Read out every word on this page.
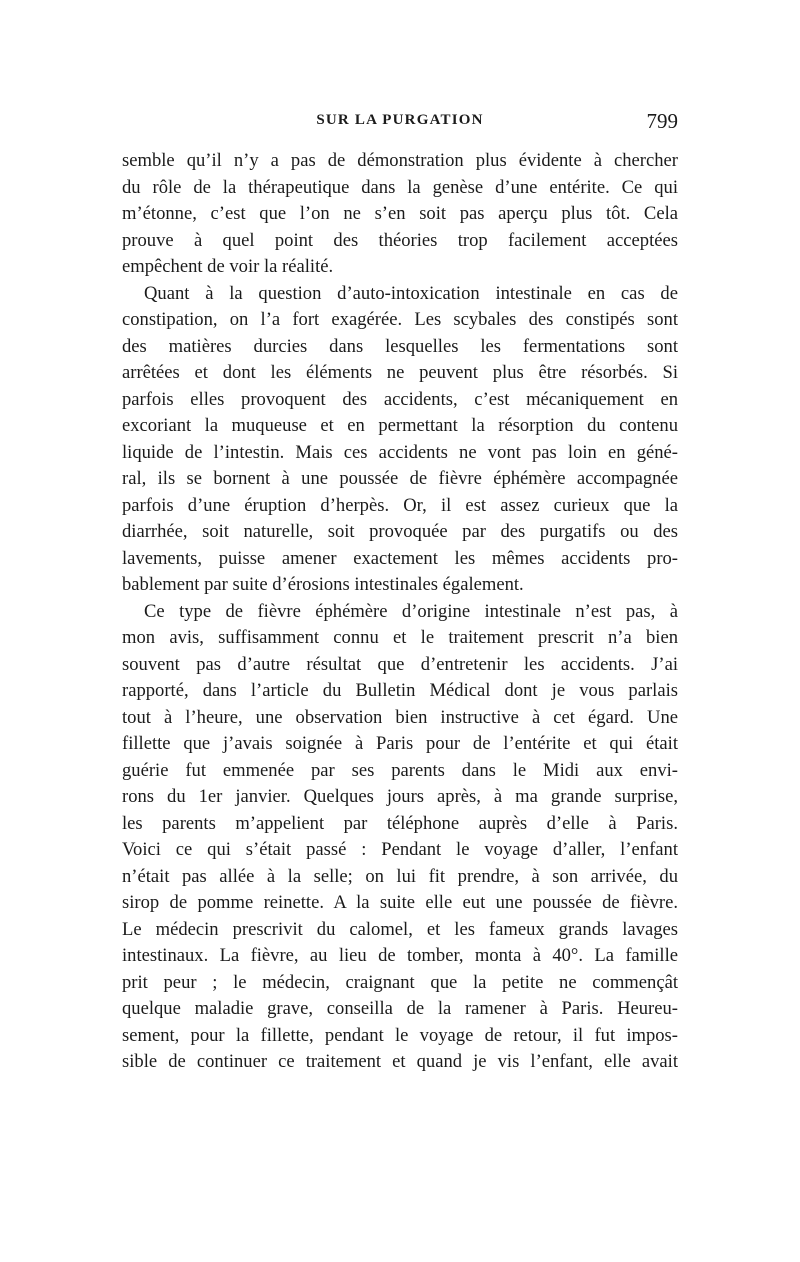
SUR LA PURGATION	799
semble qu’il n’y a pas de démonstration plus évidente à chercher
du rôle de la thérapeutique dans la genèse d’une entérite. Ce qui
m’étonne, c’est que l’on ne s’en soit pas aperçu plus tôt. Cela
prouve à quel point des théories trop facilement acceptées
empêchent de voir la réalité.
Quant à la question d’auto-intoxication intestinale en cas de
constipation, on l’a fort exagérée. Les scybales des constipés sont
des matières durcies dans lesquelles les fermentations sont
arrêtées et dont les éléments ne peuvent plus être résorbés. Si
parfois elles provoquent des accidents, c’est mécaniquement en
excoriant la muqueuse et en permettant la résorption du contenu
liquide de l’intestin. Mais ces accidents ne vont pas loin en géné-
ral, ils se bornent à une poussée de fièvre éphémère accompagnée
parfois d’une éruption d’herpès. Or, il est assez curieux que la
diarrhée, soit naturelle, soit provoquée par des purgatifs ou des
lavements, puisse amener exactement les mêmes accidents pro-
bablement par suite d’érosions intestinales également.
Ce type de fièvre éphémère d’origine intestinale n’est pas, à
mon avis, suffisamment connu et le traitement prescrit n’a bien
souvent pas d’autre résultat que d’entretenir les accidents. J’ai
rapporté, dans l’article du Bulletin Médical dont je vous parlais
tout à l’heure, une observation bien instructive à cet égard. Une
fillette que j’avais soignée à Paris pour de l’entérite et qui était
guérie fut emmenée par ses parents dans le Midi aux envi-
rons du 1er janvier. Quelques jours après, à ma grande surprise,
les parents m’appelient par téléphone auprès d’elle à Paris.
Voici ce qui s’était passé : Pendant le voyage d’aller, l’enfant
n’était pas allée à la selle; on lui fit prendre, à son arrivée, du
sirop de pomme reinette. A la suite elle eut une poussée de fièvre.
Le médecin prescrivit du calomel, et les fameux grands lavages
intestinaux. La fièvre, au lieu de tomber, monta à 40°. La famille
prit peur ; le médecin, craignant que la petite ne commençât
quelque maladie grave, conseilla de la ramener à Paris. Heureu-
sement, pour la fillette, pendant le voyage de retour, il fut impos-
sible de continuer ce traitement et quand je vis l’enfant, elle avait
